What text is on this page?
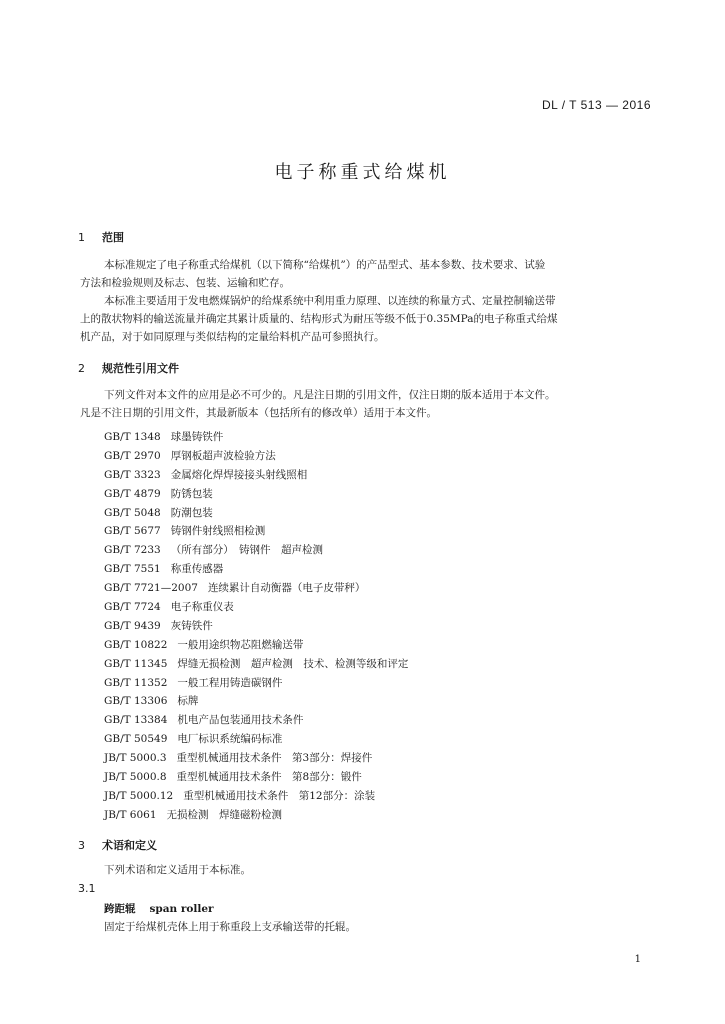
DL / T 513 — 2016
电子称重式给煤机
1 范围
本标准规定了电子称重式给煤机（以下简称“给煤机”）的产品型式、基本参数、技术要求、试验
方法和检验规则及标志、包装、运输和贮存。
本标准主要适用于发电燃煤锅炉的给煤系统中利用重力原理、以连续的称量方式、定量控制输送带
上的散状物料的输送流量并确定其累计质量的、结构形式为耐压等级不低于0.35MPa的电子称重式给煤
机产品，对于如同原理与类似结构的定量给料机产品可参照执行。
2 规范性引用文件
下列文件对本文件的应用是必不可少的。凡是注日期的引用文件，仅注日期的版本适用于本文件。
凡是不注日期的引用文件，其最新版本（包括所有的修改单）适用于本文件。
GB/T 1348 球墨铸铁件
GB/T 2970 厚钢板超声波检验方法
GB/T 3323 金属熔化焊焊接接头射线照相
GB/T 4879 防锈包装
GB/T 5048 防潮包装
GB/T 5677 铸钢件射线照相检测
GB/T 7233 （所有部分）　铸钢件　超声检测
GB/T 7551 称重传感器
GB/T 7721—2007 连续累计自动衡器（电子皮带秤）
GB/T 7724 电子称重仪表
GB/T 9439 灰铸铁件
GB/T 10822 一般用途织物芯阻燃输送带
GB/T 11345 焊缝无损检测　超声检测　技术、检测等级和评定
GB/T 11352 一般工程用铸造碳钢件
GB/T 13306 标牌
GB/T 13384 机电产品包装通用技术条件
GB/T 50549 电厂标识系统编码标准
JB/T 5000.3 重型机械通用技术条件　第3部分：焊接件
JB/T 5000.8 重型机械通用技术条件　第8部分：锻件
JB/T 5000.12 重型机械通用技术条件　第12部分：涂装
JB/T 6061 无损检测　焊缝磁粉检测
3 术语和定义
下列术语和定义适用于本标准。
3.1
跨距辊 span roller
固定于给煤机壳体上用于称重段上支承输送带的托辊。
1
